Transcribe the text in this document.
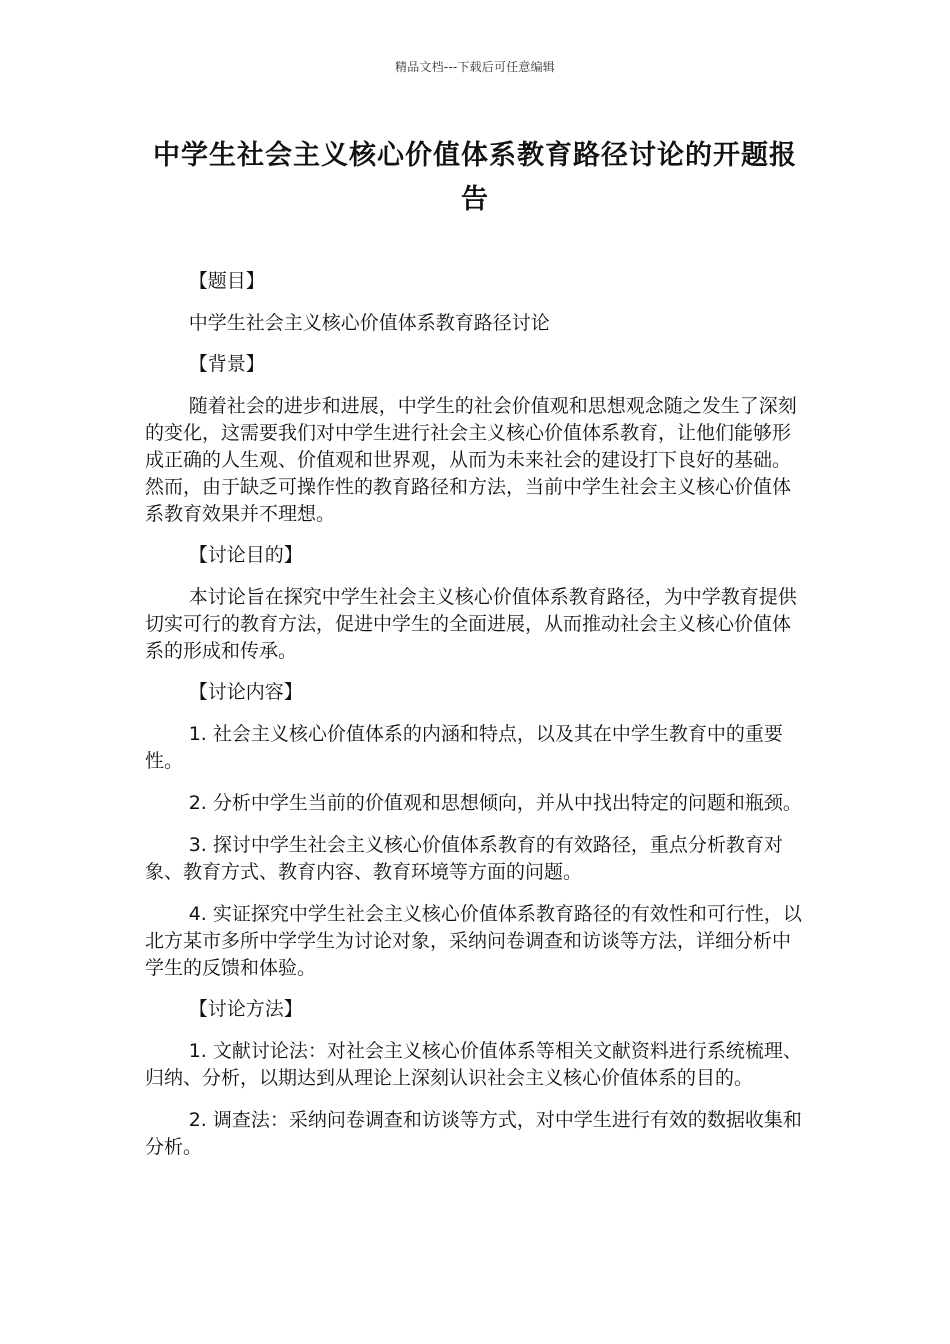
精品文档---下载后可任意编辑
中学生社会主义核心价值体系教育路径讨论的开题报告

【题目】

中学生社会主义核心价值体系教育路径讨论

【背景】

随着社会的进步和进展，中学生的社会价值观和思想观念随之发生了深刻的变化，这需要我们对中学生进行社会主义核心价值体系教育，让他们能够形成正确的人生观、价值观和世界观，从而为未来社会的建设打下良好的基础。然而，由于缺乏可操作性的教育路径和方法，当前中学生社会主义核心价值体系教育效果并不理想。

【讨论目的】

本讨论旨在探究中学生社会主义核心价值体系教育路径，为中学教育提供切实可行的教育方法，促进中学生的全面进展，从而推动社会主义核心价值体系的形成和传承。

【讨论内容】

1. 社会主义核心价值体系的内涵和特点，以及其在中学生教育中的重要性。

2. 分析中学生当前的价值观和思想倾向，并从中找出特定的问题和瓶颈。

3. 探讨中学生社会主义核心价值体系教育的有效路径，重点分析教育对象、教育方式、教育内容、教育环境等方面的问题。

4. 实证探究中学生社会主义核心价值体系教育路径的有效性和可行性，以北方某市多所中学学生为讨论对象，采纳问卷调查和访谈等方法，详细分析中学生的反馈和体验。

【讨论方法】

1. 文献讨论法：对社会主义核心价值体系等相关文献资料进行系统梳理、归纳、分析，以期达到从理论上深刻认识社会主义核心价值体系的目的。

2. 调查法：采纳问卷调查和访谈等方式，对中学生进行有效的数据收集和分析。
